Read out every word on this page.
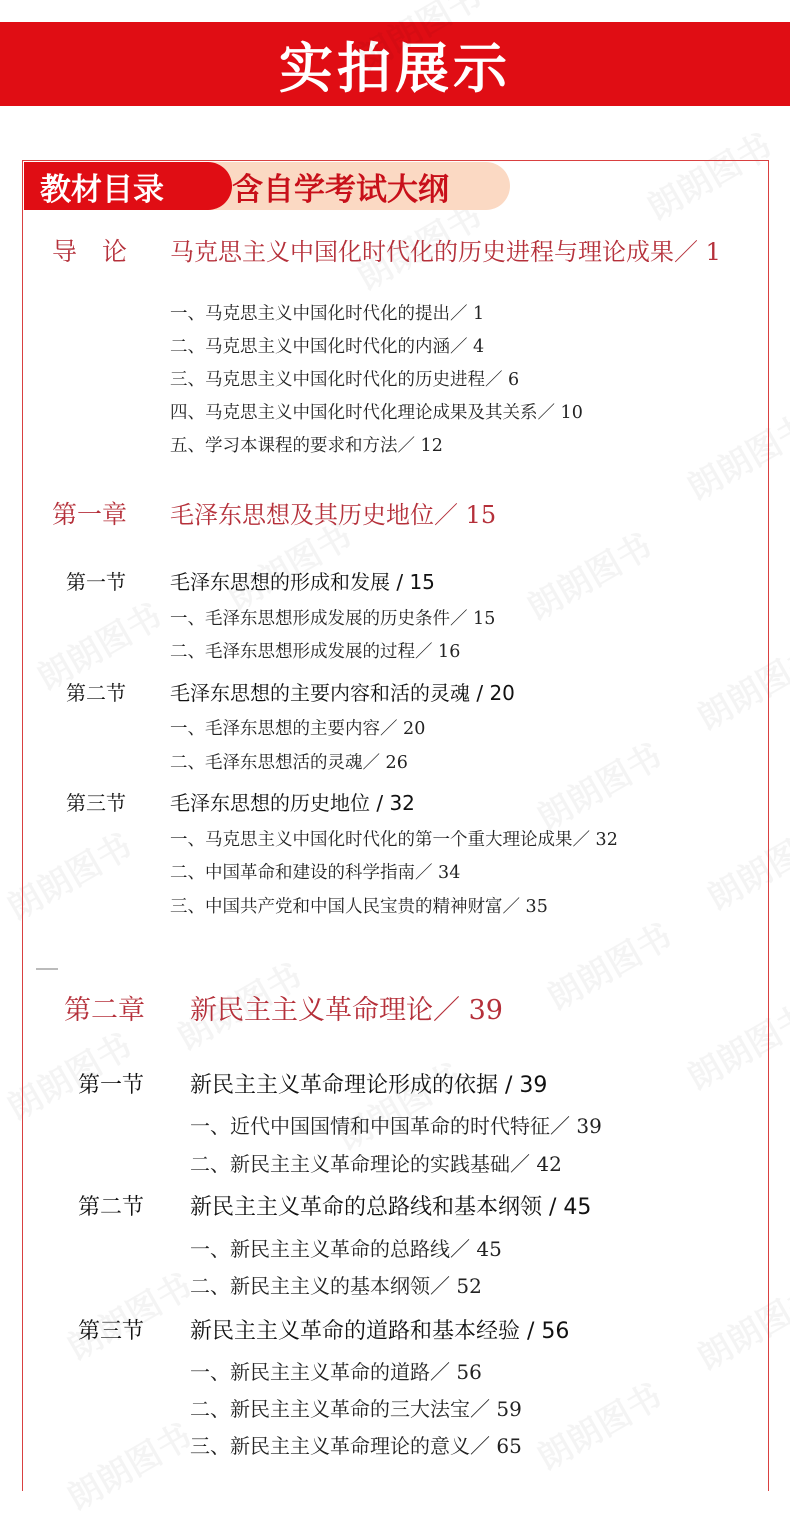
实拍展示
教材目录	含自学考试大纲
导　论 马克思主义中国化时代化的历史进程与理论成果／ 1
一、马克思主义中国化时代化的提出／ 1
二、马克思主义中国化时代化的内涵／ 4
三、马克思主义中国化时代化的历史进程／ 6
四、马克思主义中国化时代化理论成果及其关系／ 10
五、学习本课程的要求和方法／ 12
第一章 毛泽东思想及其历史地位／ 15
第一节 毛泽东思想的形成和发展 / 15
一、毛泽东思想形成发展的历史条件／ 15
二、毛泽东思想形成发展的过程／ 16
第二节 毛泽东思想的主要内容和活的灵魂 / 20
一、毛泽东思想的主要内容／ 20
二、毛泽东思想活的灵魂／ 26
第三节 毛泽东思想的历史地位 / 32
一、马克思主义中国化时代化的第一个重大理论成果／ 32
二、中国革命和建设的科学指南／ 34
三、中国共产党和中国人民宝贵的精神财富／ 35
第二章 新民主主义革命理论／ 39
第一节 新民主主义革命理论形成的依据 / 39
一、近代中国国情和中国革命的时代特征／ 39
二、新民主主义革命理论的实践基础／ 42
第二节 新民主主义革命的总路线和基本纲领 / 45
一、新民主主义革命的总路线／ 45
二、新民主主义的基本纲领／ 52
第三节 新民主主义革命的道路和基本经验 / 56
一、新民主主义革命的道路／ 56
二、新民主主义革命的三大法宝／ 59
三、新民主主义革命理论的意义／ 65
